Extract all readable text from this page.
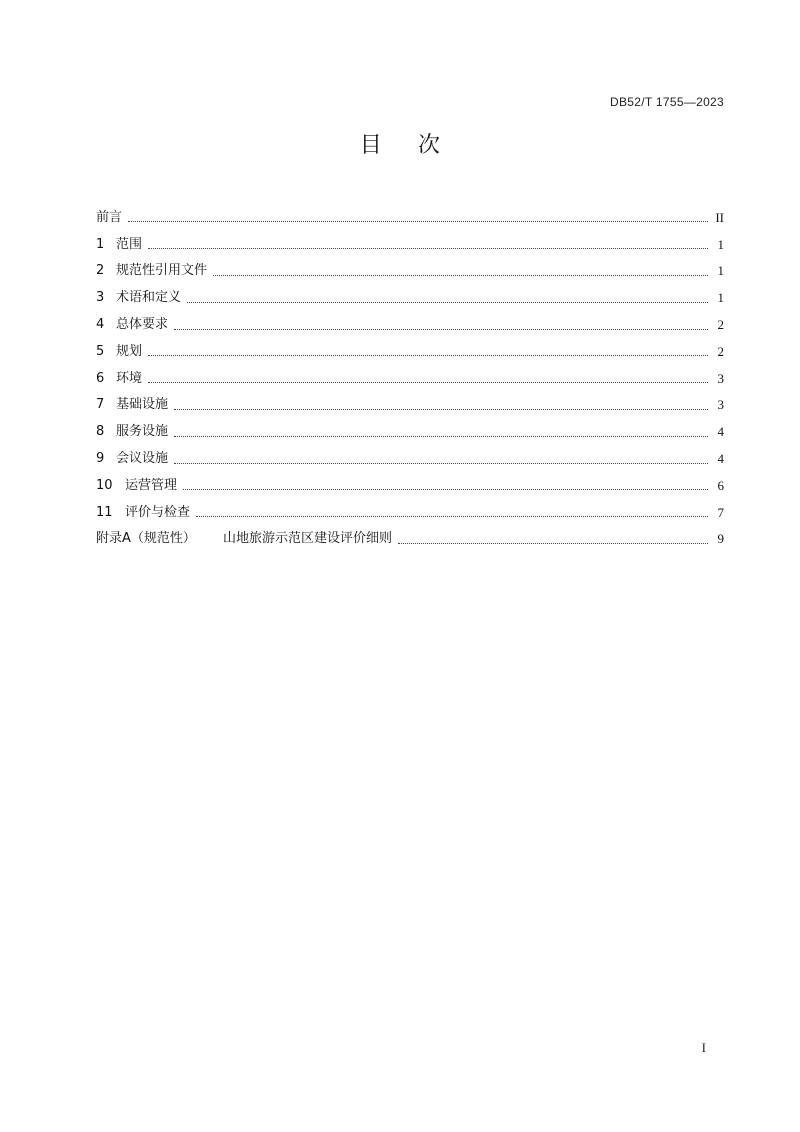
DB52/T 1755—2023
目 次
前言	II
1 范围	1
2 规范性引用文件	1
3 术语和定义	1
4 总体要求	2
5 规划	2
6 环境	3
7 基础设施	3
8 服务设施	4
9 会议设施	4
10 运营管理	6
11 评价与检查	7
附录A（规范性） 山地旅游示范区建设评价细则	9
I
